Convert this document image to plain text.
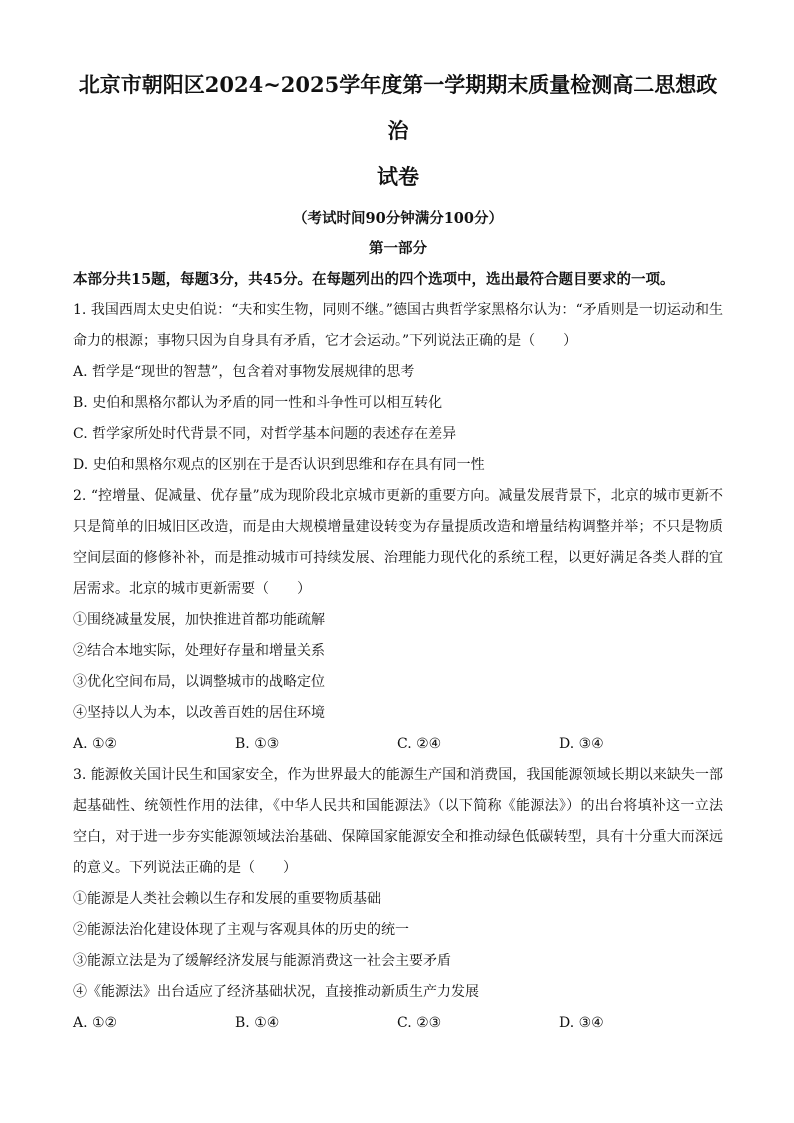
北京市朝阳区2024~2025学年度第一学期期末质量检测高二思想政治
试卷
（考试时间90分钟满分100分）
第一部分
本部分共15题，每题3分，共45分。在每题列出的四个选项中，选出最符合题目要求的一项。

1. 我国西周太史史伯说：“夫和实生物，同则不继。”德国古典哲学家黑格尔认为：“矛盾则是一切运动和生命力的根源；事物只因为自身具有矛盾，它才会运动。”下列说法正确的是（　　）

A. 哲学是“现世的智慧”，包含着对事物发展规律的思考
B. 史伯和黑格尔都认为矛盾的同一性和斗争性可以相互转化
C. 哲学家所处时代背景不同，对哲学基本问题的表述存在差异
D. 史伯和黑格尔观点的区别在于是否认识到思维和存在具有同一性

2. “控增量、促减量、优存量”成为现阶段北京城市更新的重要方向。减量发展背景下，北京的城市更新不只是简单的旧城旧区改造，而是由大规模增量建设转变为存量提质改造和增量结构调整并举；不只是物质空间层面的修修补补，而是推动城市可持续发展、治理能力现代化的系统工程，以更好满足各类人群的宜居需求。北京的城市更新需要（　　）

①围绕减量发展，加快推进首都功能疏解
②结合本地实际，处理好存量和增量关系
③优化空间布局，以调整城市的战略定位
④坚持以人为本，以改善百姓的居住环境
A. ①②	B. ①③	C. ②④	D. ③④

3. 能源攸关国计民生和国家安全，作为世界最大的能源生产国和消费国，我国能源领域长期以来缺失一部起基础性、统领性作用的法律，《中华人民共和国能源法》（以下简称《能源法》）的出台将填补这一立法空白，对于进一步夯实能源领域法治基础、保障国家能源安全和推动绿色低碳转型，具有十分重大而深远的意义。下列说法正确的是（　　）

①能源是人类社会赖以生存和发展的重要物质基础
②能源法治化建设体现了主观与客观具体的历史的统一
③能源立法是为了缓解经济发展与能源消费这一社会主要矛盾
④《能源法》出台适应了经济基础状况，直接推动新质生产力发展
A. ①②	B. ①④	C. ②③	D. ③④
